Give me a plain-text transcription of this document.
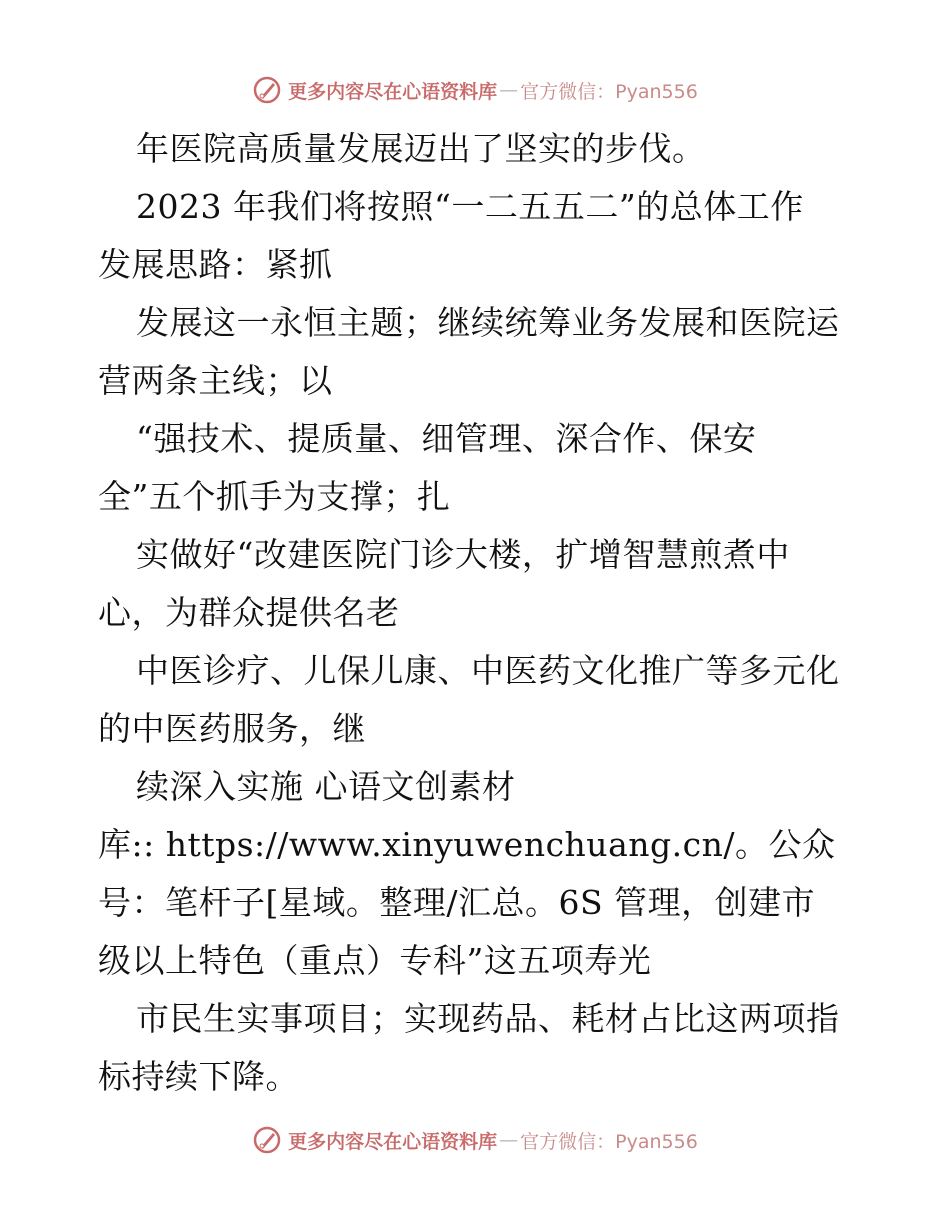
更多内容尽在心语资料库 — 官方微信：Pyan556
年医院高质量发展迈出了坚实的步伐。
2023 年我们将按照“一二五五二”的总体工作
发展思路：紧抓
发展这一永恒主题；继续统筹业务发展和医院运
营两条主线；以
“强技术、提质量、细管理、深合作、保安
全”五个抓手为支撑；扎
实做好“改建医院门诊大楼，扩增智慧煎煮中
心，为群众提供名老
中医诊疗、儿保儿康、中医药文化推广等多元化
的中医药服务，继
续深入实施 心语文创素材
库:: https://www.xinyuwenchuang.cn/。公众
号：笔杆子[星域。整理/汇总。6S 管理，创建市
级以上特色（重点）专科”这五项寿光
市民生实事项目；实现药品、耗材占比这两项指
标持续下降。
更多内容尽在心语资料库 — 官方微信：Pyan556
